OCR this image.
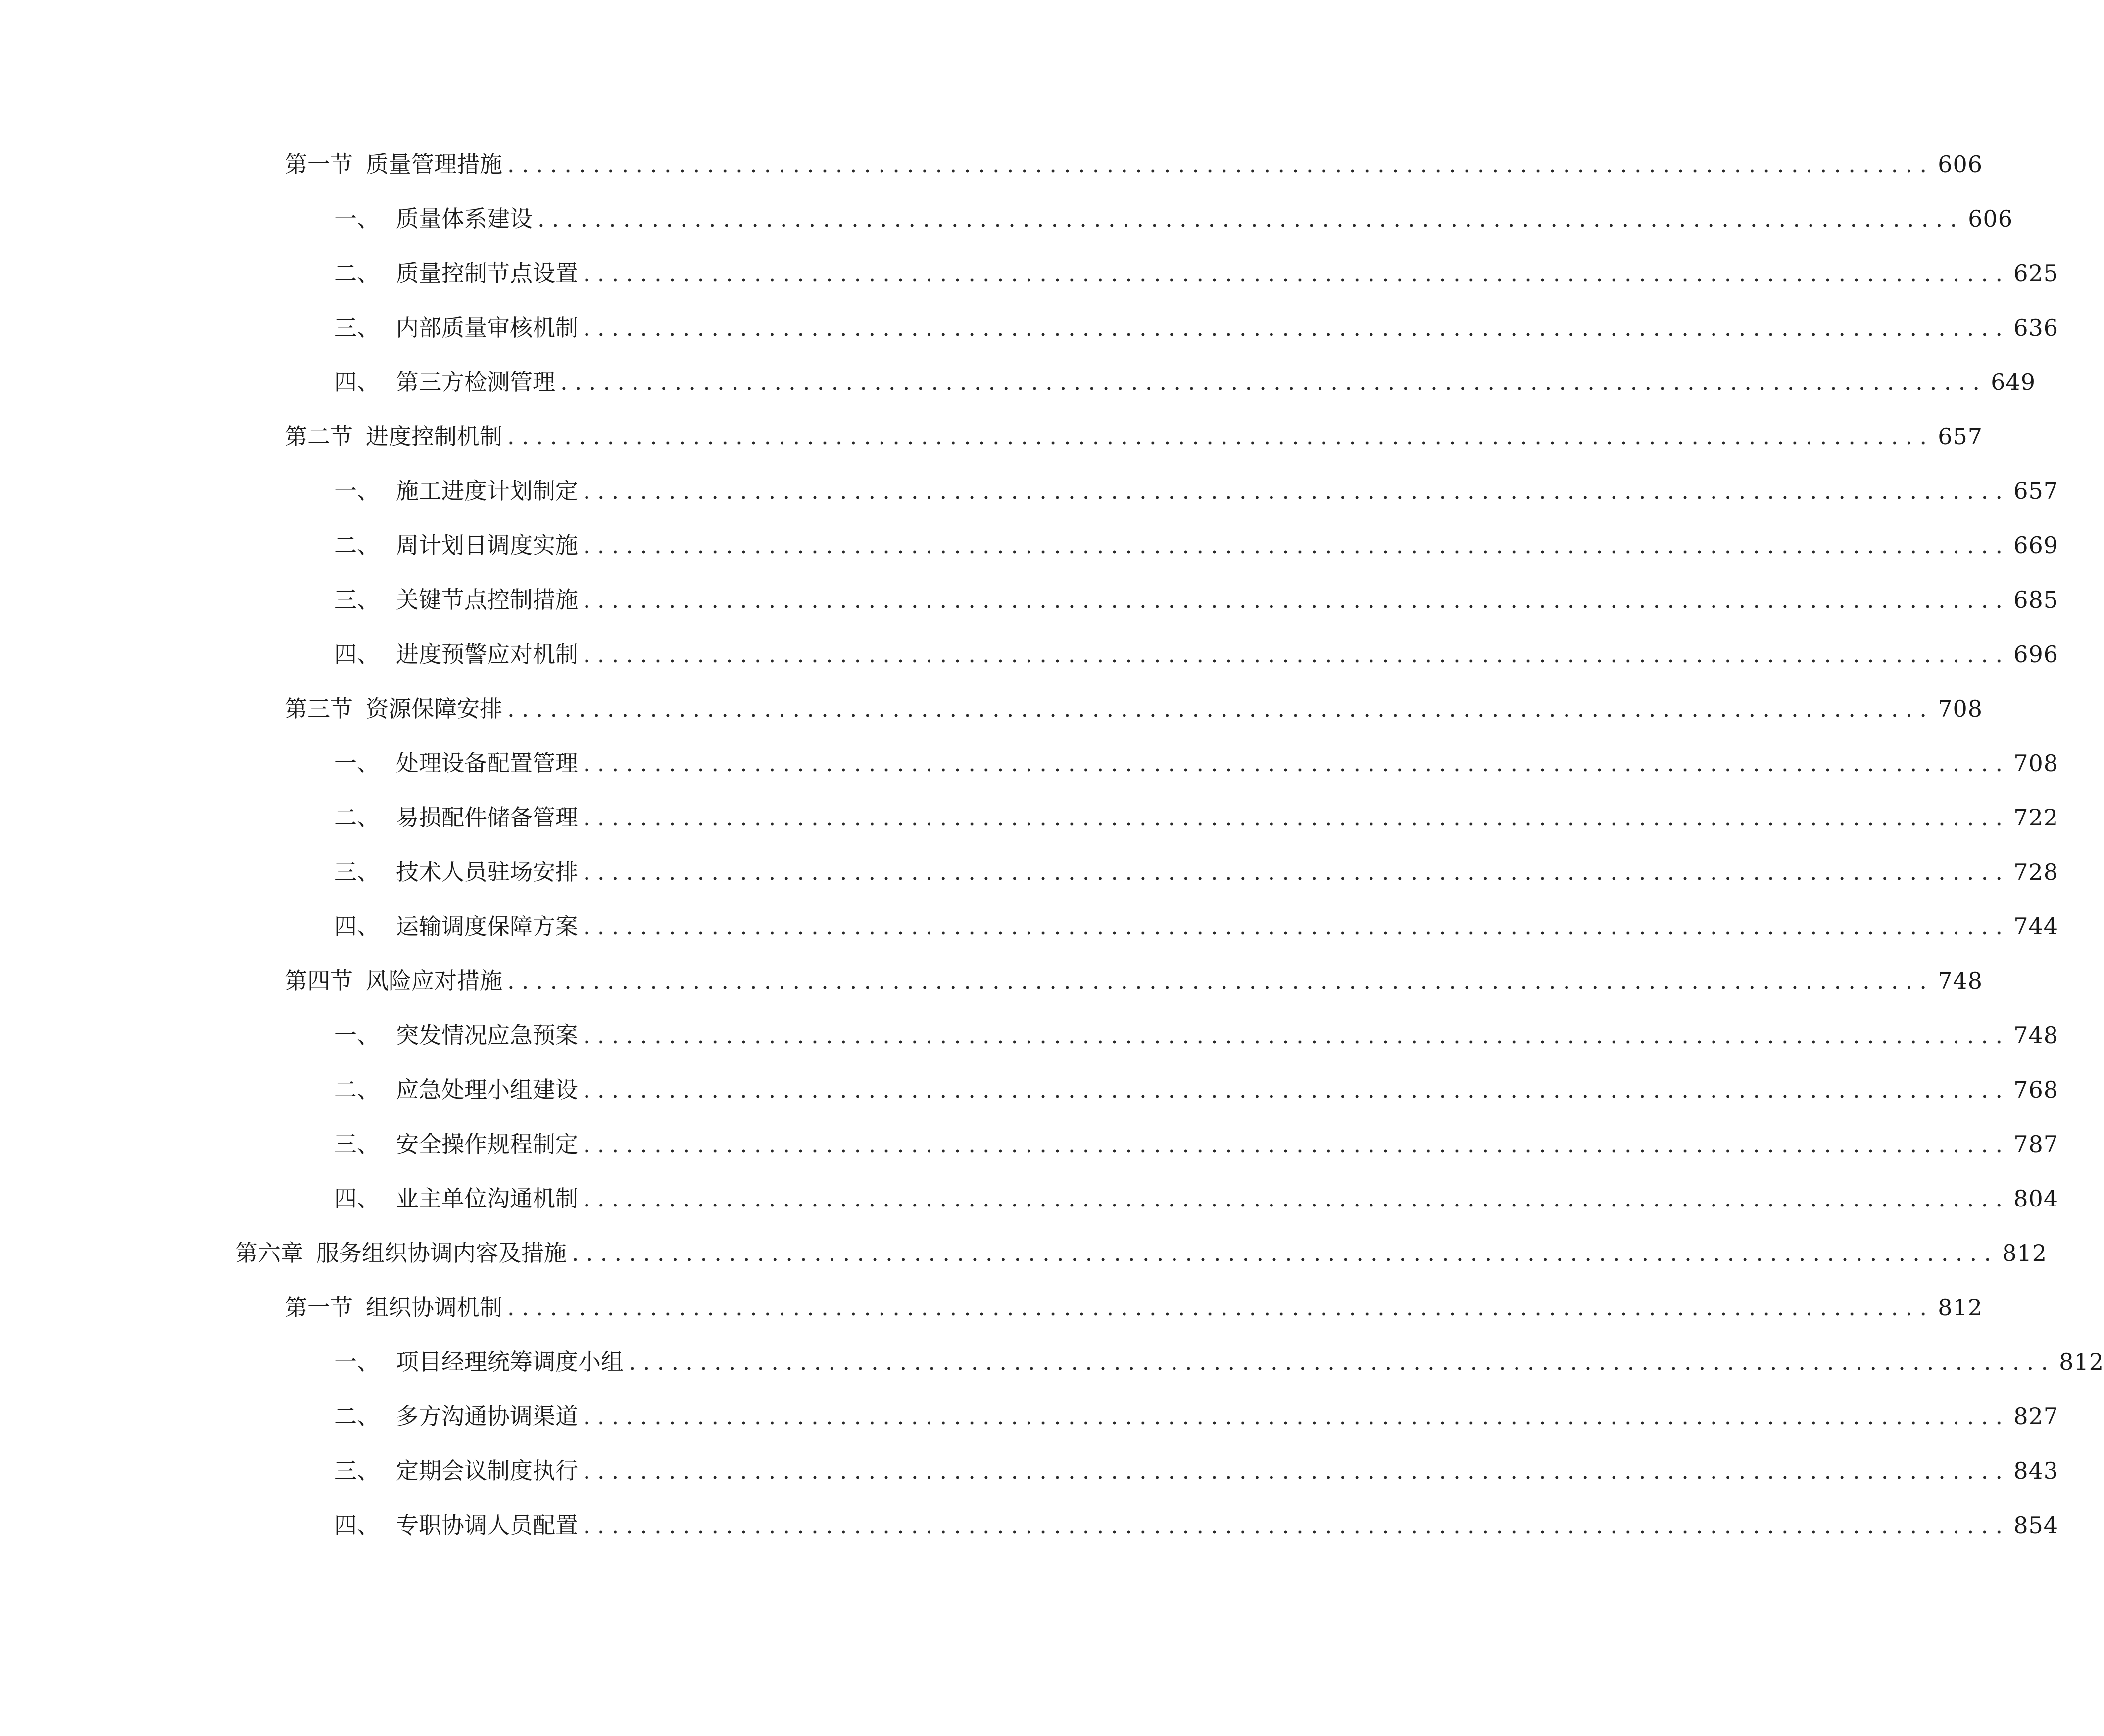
第一节 质量管理措施 .................................................................................................... 606
一、 质量体系建设 .................................................................................................... 606
二、 质量控制节点设置 .................................................................................................... 625
三、 内部质量审核机制 .................................................................................................... 636
四、 第三方检测管理 .................................................................................................... 649
第二节 进度控制机制 .................................................................................................... 657
一、 施工进度计划制定 .................................................................................................... 657
二、 周计划日调度实施 .................................................................................................... 669
三、 关键节点控制措施 .................................................................................................... 685
四、 进度预警应对机制 .................................................................................................... 696
第三节 资源保障安排 .................................................................................................... 708
一、 处理设备配置管理 .................................................................................................... 708
二、 易损配件储备管理 .................................................................................................... 722
三、 技术人员驻场安排 .................................................................................................... 728
四、 运输调度保障方案 .................................................................................................... 744
第四节 风险应对措施 .................................................................................................... 748
一、 突发情况应急预案 .................................................................................................... 748
二、 应急处理小组建设 .................................................................................................... 768
三、 安全操作规程制定 .................................................................................................... 787
四、 业主单位沟通机制 .................................................................................................... 804
第六章 服务组织协调内容及措施 .................................................................................................... 812
第一节 组织协调机制 .................................................................................................... 812
一、 项目经理统筹调度小组 .................................................................................................... 812
二、 多方沟通协调渠道 .................................................................................................... 827
三、 定期会议制度执行 .................................................................................................... 843
四、 专职协调人员配置 .................................................................................................... 854
